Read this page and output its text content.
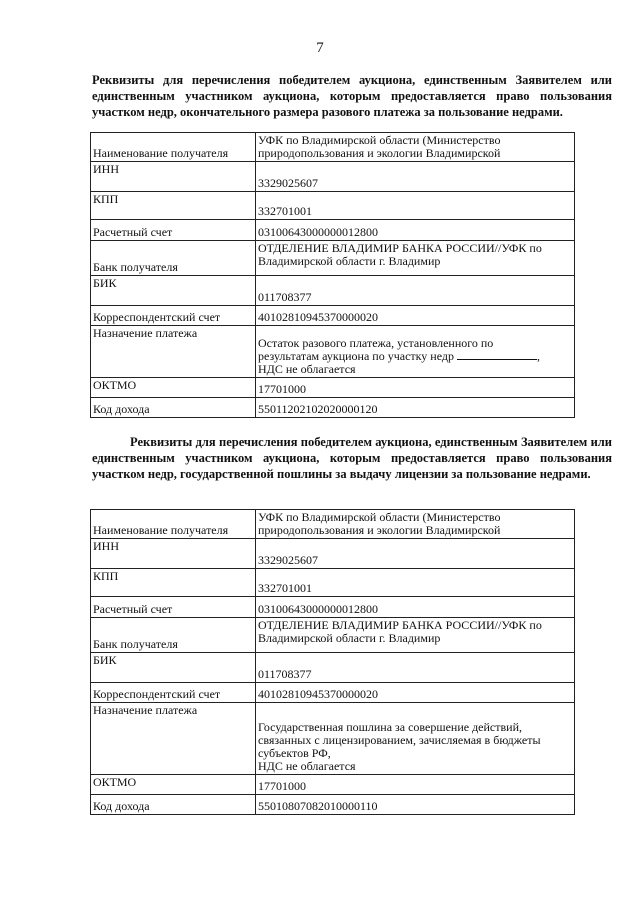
7
Реквизиты для перечисления победителем аукциона, единственным Заявителем или единственным участником аукциона, которым предоставляется право пользования участком недр, окончательного размера разового платежа за пользование недрами.
Наименование получателя	УФК по Владимирской области (Министерство природопользования и экологии Владимирской
ИНН	3329025607
КПП	332701001
Расчетный счет	03100643000000012800
Банк получателя	ОТДЕЛЕНИЕ ВЛАДИМИР БАНКА РОССИИ//УФК по Владимирской области г. Владимир
БИК	011708377
Корреспондентский счет	40102810945370000020
Назначение платежа	Остаток разового платежа, установленного по
результатам аукциона по участку недр ,
НДС не облагается

ОКТМО	17701000
Код дохода	55011202102020000120
Реквизиты для перечисления победителем аукциона, единственным Заявителем или единственным участником аукциона, которым предоставляется право пользования участком недр, государственной пошлины за выдачу лицензии за пользование недрами.
Наименование получателя	УФК по Владимирской области (Министерство природопользования и экологии Владимирской
ИНН	3329025607
КПП	332701001
Расчетный счет	03100643000000012800
Банк получателя	ОТДЕЛЕНИЕ ВЛАДИМИР БАНКА РОССИИ//УФК по Владимирской области г. Владимир
БИК	011708377
Корреспондентский счет	40102810945370000020
Назначение платежа	Государственная пошлина за совершение действий,
связанных с лицензированием, зачисляемая в бюджеты
субъектов РФ,
НДС не облагается

ОКТМО	17701000
Код дохода	55010807082010000110
